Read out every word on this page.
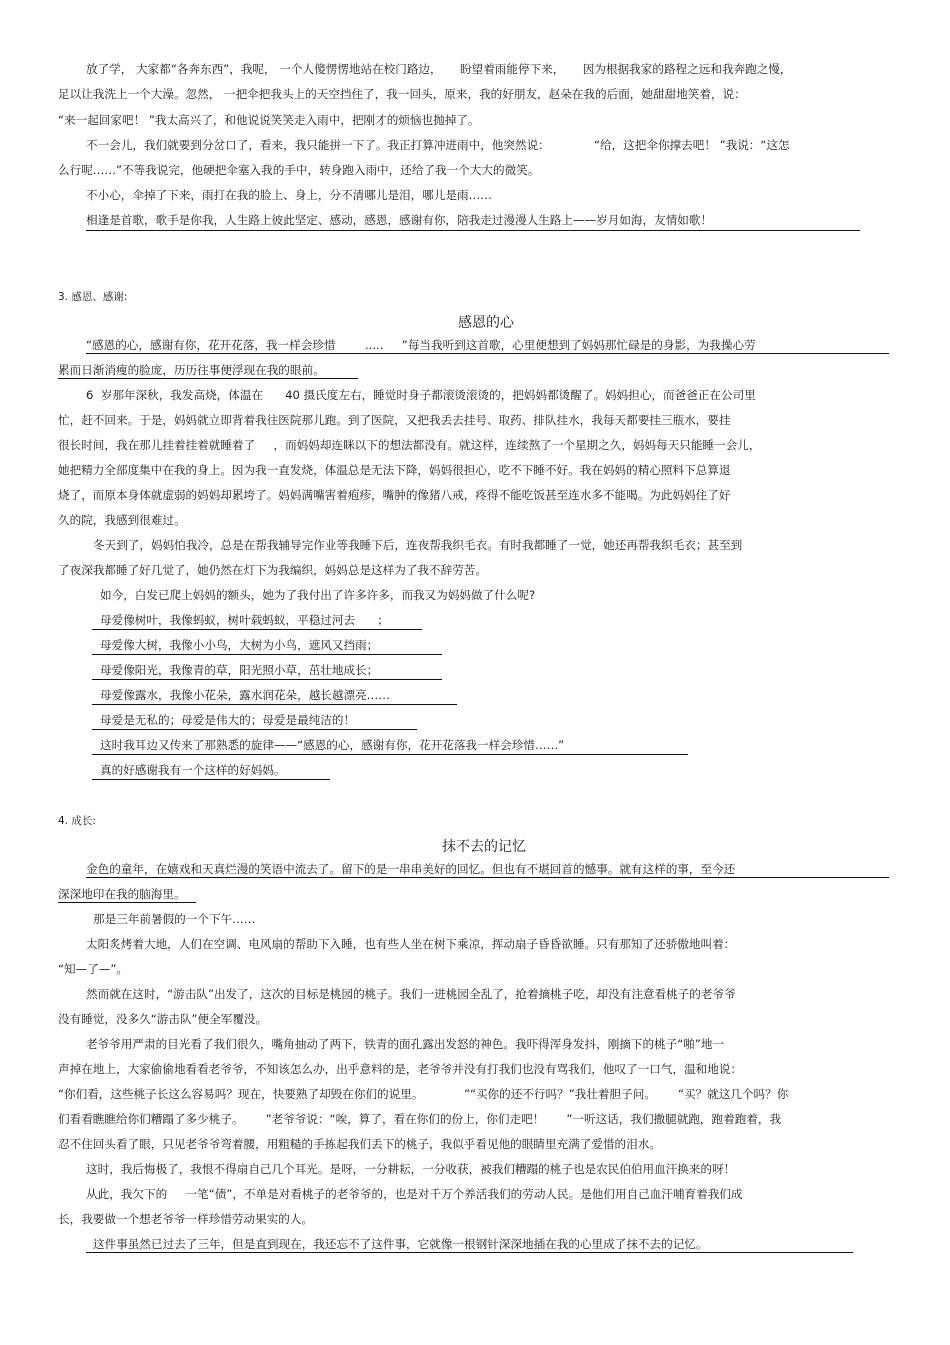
放了学， 大家都“各奔东西”，我呢， 一个人傻愣愣地站在校门路边，     盼望着雨能停下来，     因为根据我家的路程之远和我奔跑之慢，
足以让我洗上一个大澡。忽然， 一把伞把我头上的天空挡住了，我一回头，原来，我的好朋友，赵朵在我的后面，她甜甜地笑着，说：
“来一起回家吧！ ”我太高兴了，和他说说笑笑走入雨中，把刚才的烦恼也抛掉了。
不一会儿，我们就要到分岔口了，看来，我只能拼一下了。我正打算冲进雨中，他突然说：            “给，这把伞你撑去吧！ ”我说：“这怎
么行呢……”不等我说完，他硬把伞塞入我的手中，转身跑入雨中，还给了我一个大大的微笑。
不小心，伞掉了下来，雨打在我的脸上、身上，分不清哪儿是泪，哪儿是雨……
相逢是首歌，歌手是你我，人生路上彼此坚定、感动，感恩，感谢有你，陪我走过漫漫人生路上——岁月如海，友情如歌！
3. 感恩、感谢:
感恩的心
“感恩的心，感谢有你，花开花落，我一样会珍惜        .....     ”每当我听到这首歌，心里便想到了妈妈那忙碌是的身影，为我操心劳
累而日渐消瘦的脸庞，历历往事便浮现在我的眼前。
6  岁那年深秋，我发高烧，体温在      40 摄氏度左右，睡觉时身子都滚烫滚烫的，把妈妈都烫醒了。妈妈担心，而爸爸正在公司里
忙，赶不回来。于是，妈妈就立即背着我往医院那儿跑。到了医院，又把我丢去挂号、取药、排队挂水，我每天都要挂三瓶水，要挂
很长时间，我在那儿挂着挂着就睡着了     ，而妈妈却连眯以下的想法都没有。就这样，连续熬了一个星期之久，妈妈每天只能睡一会儿，
她把精力全部度集中在我的身上。因为我一直发烧，体温总是无法下降，妈妈很担心，吃不下睡不好。我在妈妈的精心照料下总算退
烧了，而原本身体就虚弱的妈妈却累垮了。妈妈满嘴害着疱疹，嘴肿的像猪八戒，疼得不能吃饭甚至连水多不能喝。为此妈妈住了好
久的院，我感到很难过。
冬天到了，妈妈怕我冷，总是在帮我辅导完作业等我睡下后，连夜帮我织毛衣。有时我都睡了一觉，她还再帮我织毛衣；甚至到
了夜深我都睡了好几觉了，她仍然在灯下为我编织，妈妈总是这样为了我不辞劳苦。
如今，白发已爬上妈妈的额头，她为了我付出了许多许多，而我又为妈妈做了什么呢?
母爱像树叶，我像蚂蚁，树叶载蚂蚁，平稳过河去      ；
母爱像大树，我像小小鸟，大树为小鸟，遮风又挡雨；
母爱像阳光，我像青的草，阳光照小草，茁壮地成长；
母爱像露水，我像小花朵，露水润花朵，越长越漂亮……
母爱是无私的；母爱是伟大的；母爱是最纯洁的！
这时我耳边又传来了那熟悉的旋律——“感恩的心，感谢有你，花开花落我一样会珍惜……”
真的好感谢我有一个这样的好妈妈。
4. 成长:
抹不去的记忆
金色的童年，在嬉戏和天真烂漫的笑语中流去了。留下的是一串串美好的回忆。但也有不堪回首的憾事。就有这样的事，至今还
深深地印在我的脑海里。
那是三年前暑假的一个下午……
太阳炙烤着大地，人们在空调、电风扇的帮助下入睡，也有些人坐在树下乘凉，挥动扇子昏昏欲睡。只有那知了还骄傲地叫着：
“知—了—”。
然而就在这时，“游击队”出发了，这次的目标是桃园的桃子。我们一进桃园全乱了，抢着摘桃子吃，却没有注意看桃子的老爷爷
没有睡觉，没多久“游击队”便全军覆没。
老爷爷用严肃的目光看了我们很久，嘴角抽动了两下，铁青的面孔露出发怒的神色。我吓得浑身发抖，刚摘下的桃子“啪”地一
声掉在地上，大家偷偷地看看老爷爷，不知该怎么办，出乎意料的是，老爷爷并没有打我们也没有骂我们，他叹了一口气，温和地说：
“你们看，这些桃子长这么容易吗？现在，快要熟了却毁在你们的说里。           ”“买你的还不行吗？”我壮着胆子问。      “买？就这几个吗？你
们看看瞧瞧给你们糟蹋了多少桃子。      ”老爷爷说：“唉，算了，看在你们的份上，你们走吧！      ”一听这话，我们撒腿就跑，跑着跑着，我
忍不住回头看了眼，只见老爷爷弯着腰，用粗糙的手拣起我们丢下的桃子，我似乎看见他的眼睛里充满了爱惜的泪水。
这时，我后悔极了，我恨不得扇自己几个耳光。是呀，一分耕耘，一分收获，被我们糟蹋的桃子也是农民伯伯用血汗换来的呀！
从此，我欠下的     一笔“债”，不单是对看桃子的老爷爷的，也是对千万个养活我们的劳动人民。是他们用自己血汗哺育着我们成
长，我要做一个想老爷爷一样珍惜劳动果实的人。
这件事虽然已过去了三年，但是直到现在，我还忘不了这件事，它就像一根钢针深深地插在我的心里成了抹不去的记忆。
